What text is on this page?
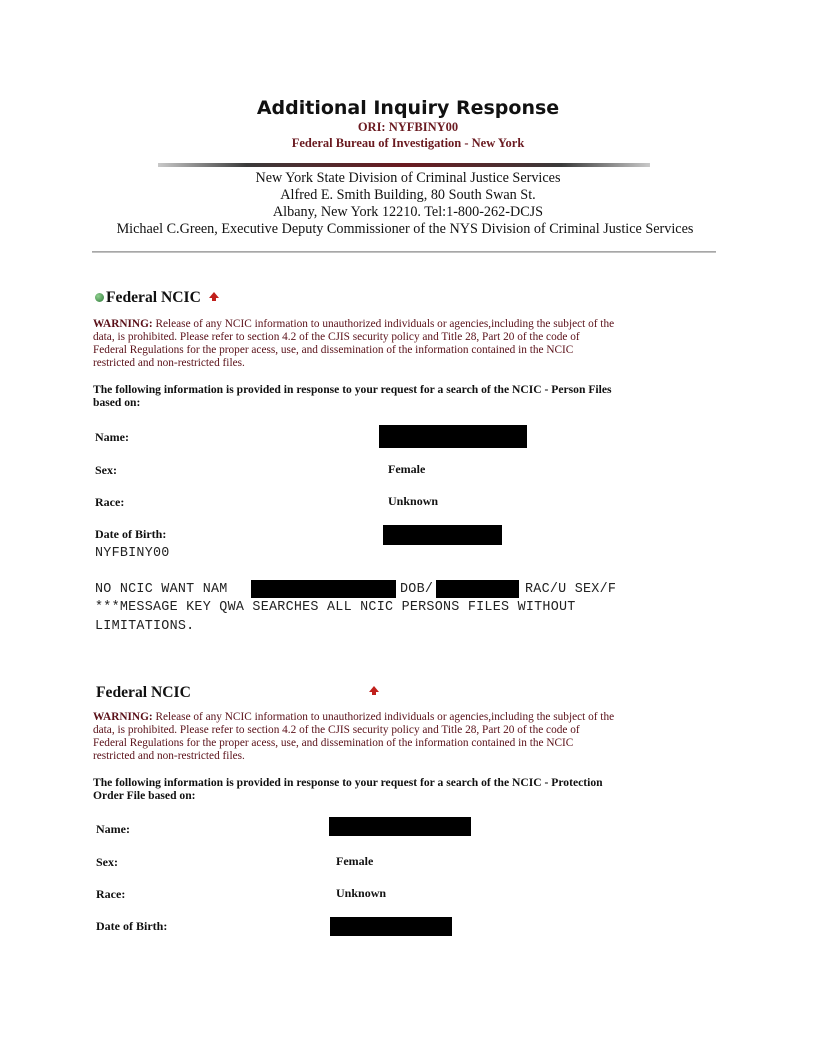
Additional Inquiry Response
ORI: NYFBINY00
Federal Bureau of Investigation - New York
New York State Division of Criminal Justice Services
Alfred E. Smith Building, 80 South Swan St.
Albany, New York 12210. Tel:1-800-262-DCJS
Michael C.Green, Executive Deputy Commissioner of the NYS Division of Criminal Justice Services
Federal NCIC
WARNING: Release of any NCIC information to unauthorized individuals or agencies,including the subject of the
data, is prohibited. Please refer to section 4.2 of the CJIS security policy and Title 28, Part 20 of the code of
Federal Regulations for the proper acess, use, and dissemination of the information contained in the NCIC
restricted and non-restricted files.
The following information is provided in response to your request for a search of the NCIC - Person Files
based on:
Name:
Sex:	Female
Race:	Unknown
Date of Birth:
NYFBINY00
NO NCIC WANT NAM	DOB/	RAC/U SEX/F
***MESSAGE KEY QWA SEARCHES ALL NCIC PERSONS FILES WITHOUT
LIMITATIONS.
Federal NCIC
WARNING: Release of any NCIC information to unauthorized individuals or agencies,including the subject of the
data, is prohibited. Please refer to section 4.2 of the CJIS security policy and Title 28, Part 20 of the code of
Federal Regulations for the proper acess, use, and dissemination of the information contained in the NCIC
restricted and non-restricted files.
The following information is provided in response to your request for a search of the NCIC - Protection
Order File based on:
Name:
Sex:	Female
Race:	Unknown
Date of Birth:
